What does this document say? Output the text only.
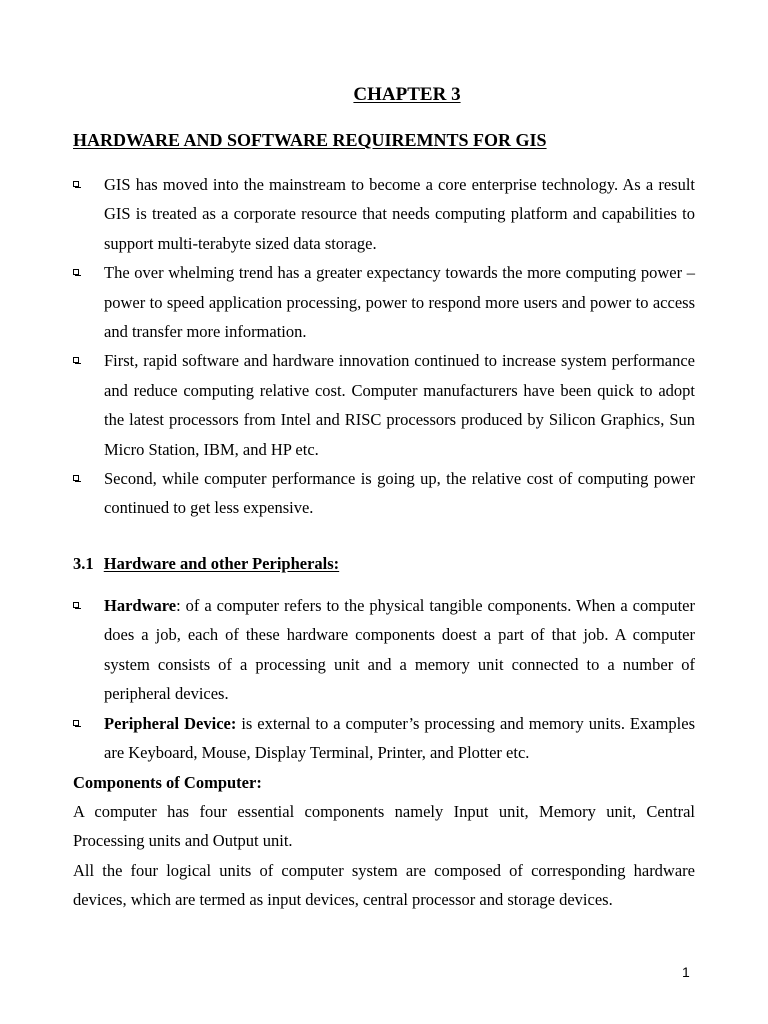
CHAPTER 3
HARDWARE AND SOFTWARE REQUIREMNTS FOR GIS
GIS has moved into the mainstream to become a core enterprise technology. As a result GIS is treated as a corporate resource that needs computing platform and capabilities to support multi-terabyte sized data storage.
The over whelming trend has a greater expectancy towards the more computing power – power to speed application processing, power to respond more users and power to access and transfer more information.
First, rapid software and hardware innovation continued to increase system performance and reduce computing relative cost. Computer manufacturers have been quick to adopt the latest processors from Intel and RISC processors produced by Silicon Graphics, Sun Micro Station, IBM, and HP etc.
Second, while computer performance is going up, the relative cost of computing power continued to get less expensive.
3.1 Hardware and other Peripherals:
Hardware: of a computer refers to the physical tangible components. When a computer does a job, each of these hardware components doest a part of that job. A computer system consists of a processing unit and a memory unit connected to a number of peripheral devices.
Peripheral Device: is external to a computer’s processing and memory units. Examples are Keyboard, Mouse, Display Terminal, Printer, and Plotter etc.
Components of Computer:
A computer has four essential components namely Input unit, Memory unit, Central Processing units and Output unit.
All the four logical units of computer system are composed of corresponding hardware devices, which are termed as input devices, central processor and storage devices.
1
